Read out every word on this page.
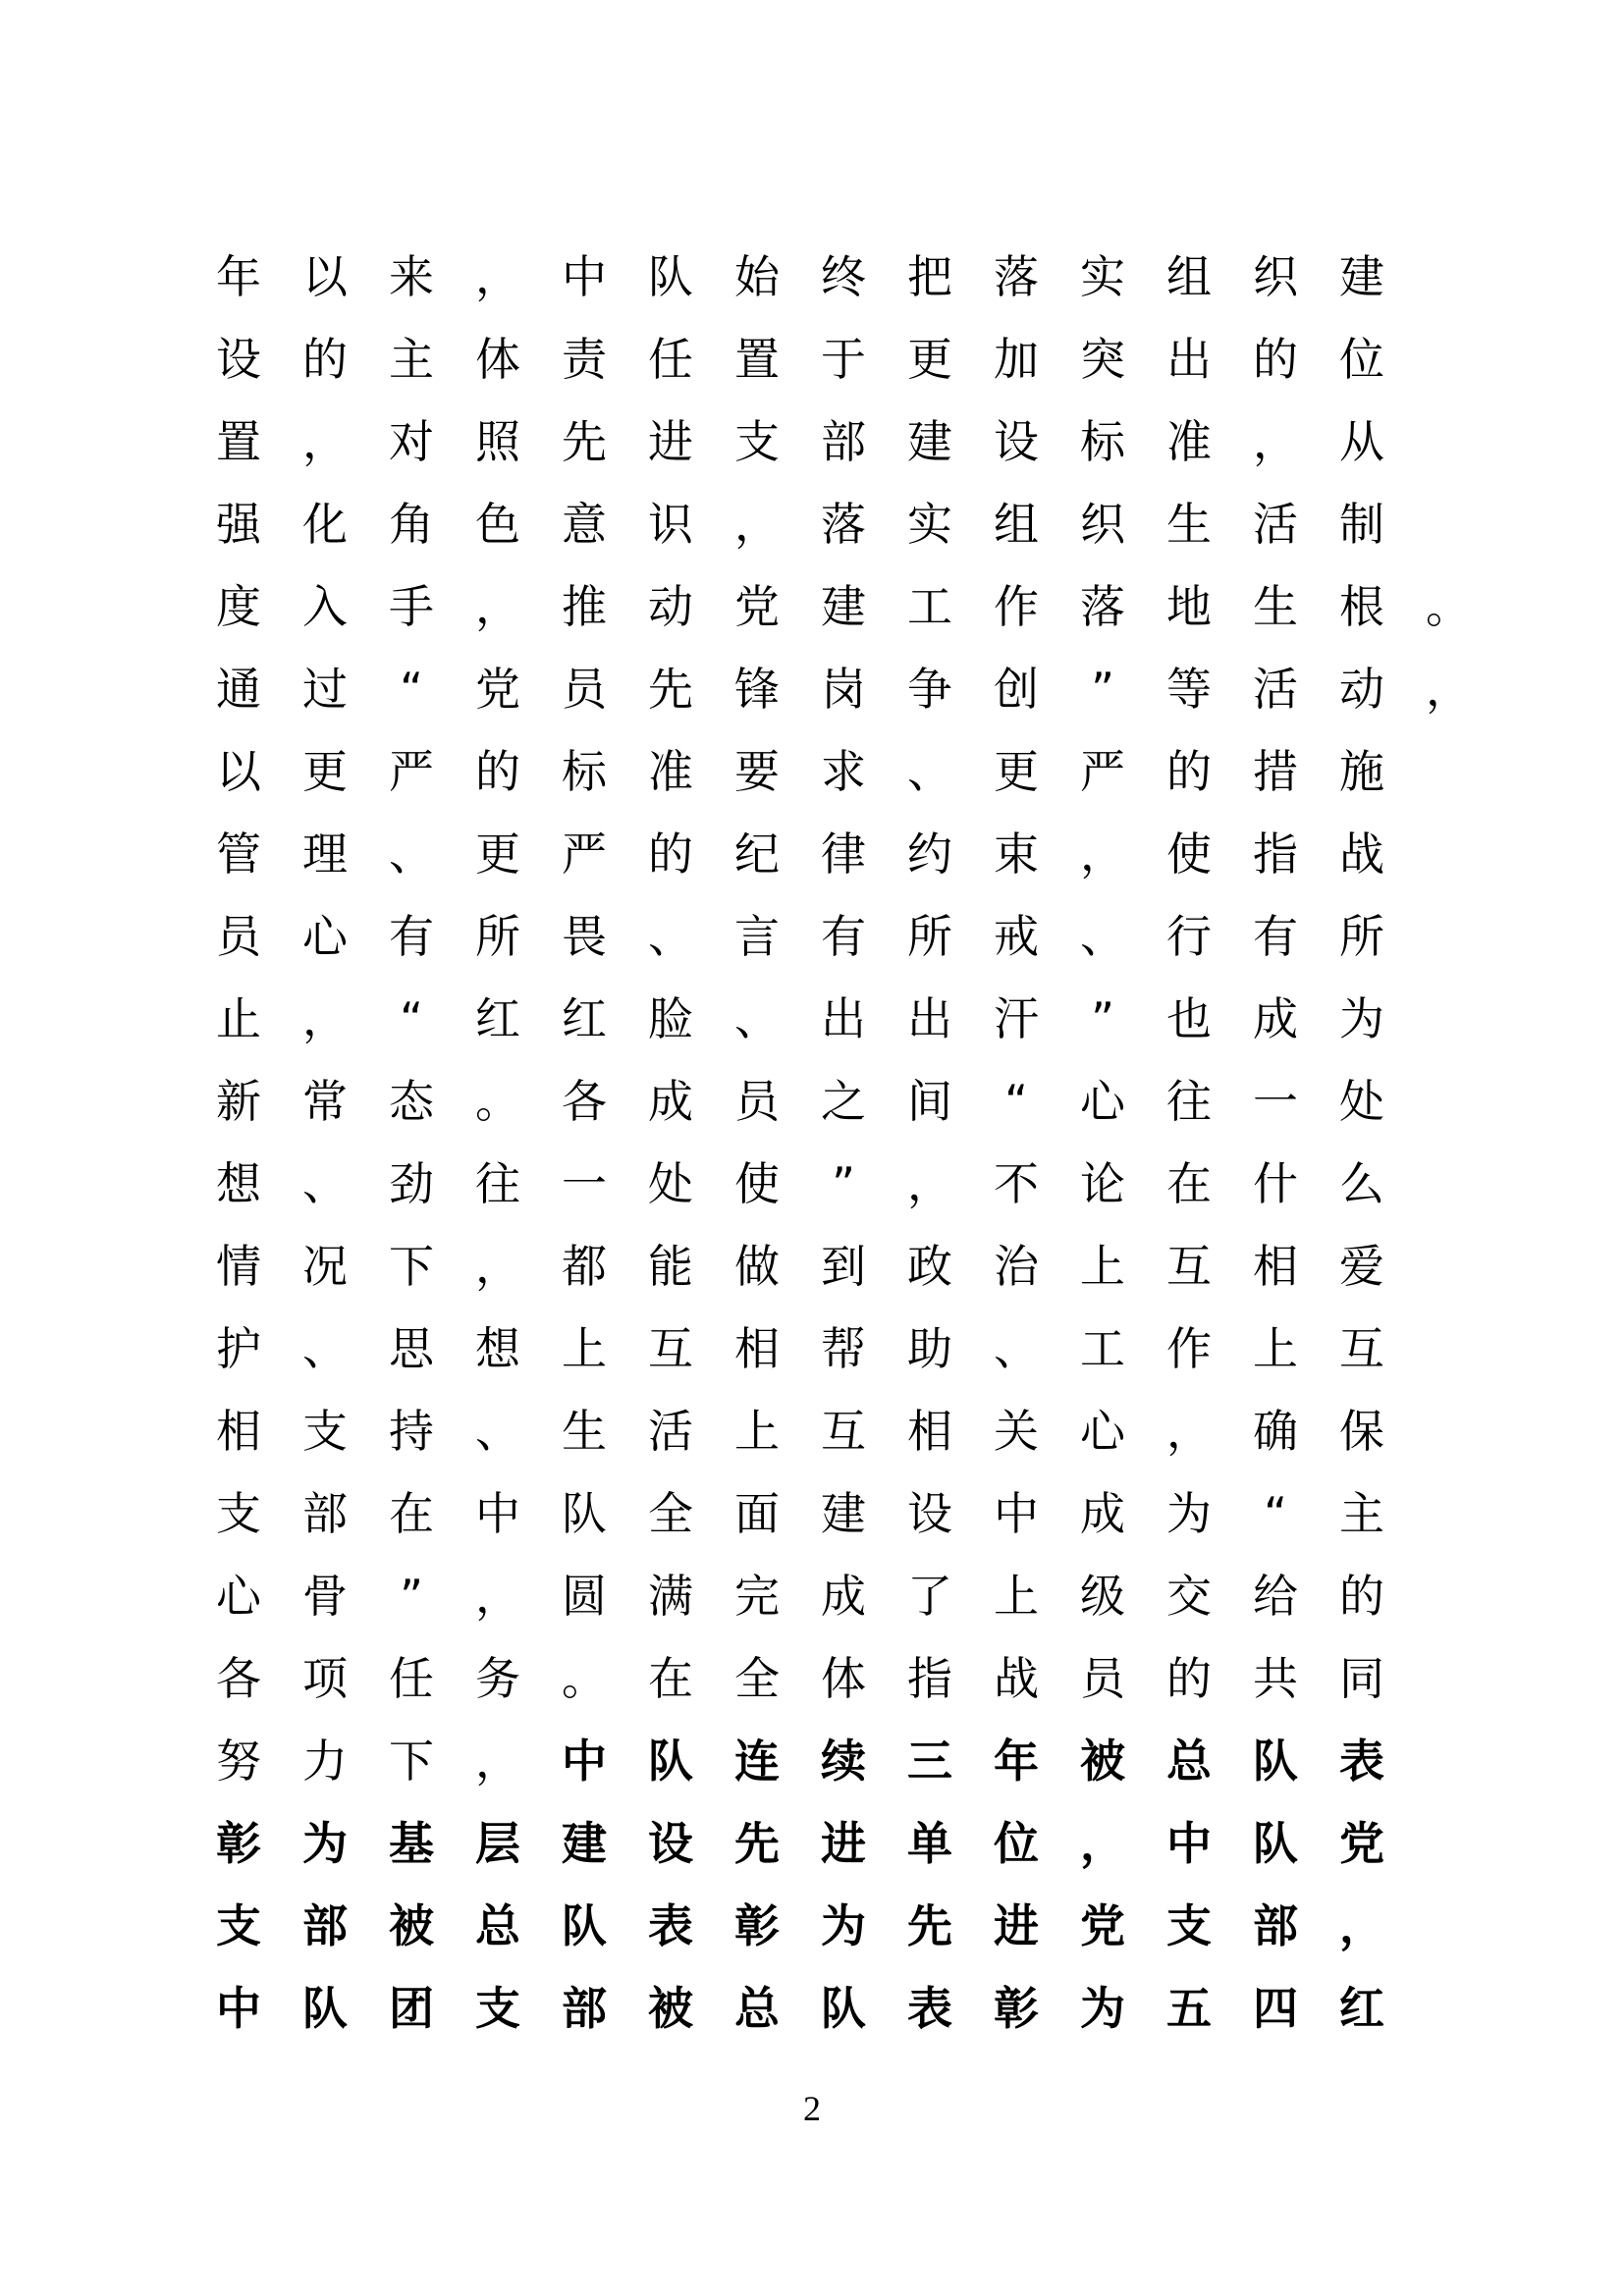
年 以 来 ， 中 队 始 终 把 落 实 组 织 建
设 的 主 体 责 任 置 于 更 加 突 出 的 位
置 ， 对 照 先 进 支 部 建 设 标 准 ， 从
强 化 角 色 意 识 ， 落 实 组 织 生 活 制
度 入 手 ， 推 动 党 建 工 作 落 地 生 根 。
通 过	“	党 员 先 锋 岗 争 创	”	等 活 动 ，
以 更 严 的 标 准 要 求 、 更 严 的 措 施
管 理 、 更 严 的 纪 律 约 束 ， 使 指 战
员 心 有 所 畏 、 言 有 所 戒 、 行 有 所
止 ，	“	红 红 脸 、 出 出 汗	”	也 成 为
新 常 态 。 各 成 员 之 间	“	心 往 一 处
想 、 劲 往 一 处 使	”	， 不 论 在 什 么
情 况 下 ， 都 能 做 到 政 治 上 互 相 爱
护 、 思 想 上 互 相 帮 助 、 工 作 上 互
相 支 持 、 生 活 上 互 相 关 心 ， 确 保
支 部 在 中 队 全 面 建 设 中 成 为	“	主
心 骨	”	， 圆 满 完 成 了 上 级 交 给 的
各 项 任 务 。 在 全 体 指 战 员 的 共 同
努 力 下 ， 中 队 连 续 三 年 被 总 队 表
彰 为 基 层 建 设 先 进 单 位 ， 中 队 党
支 部 被 总 队 表 彰 为 先 进 党 支 部 ，
中 队 团 支 部 被 总 队 表 彰 为 五 四 红
2
